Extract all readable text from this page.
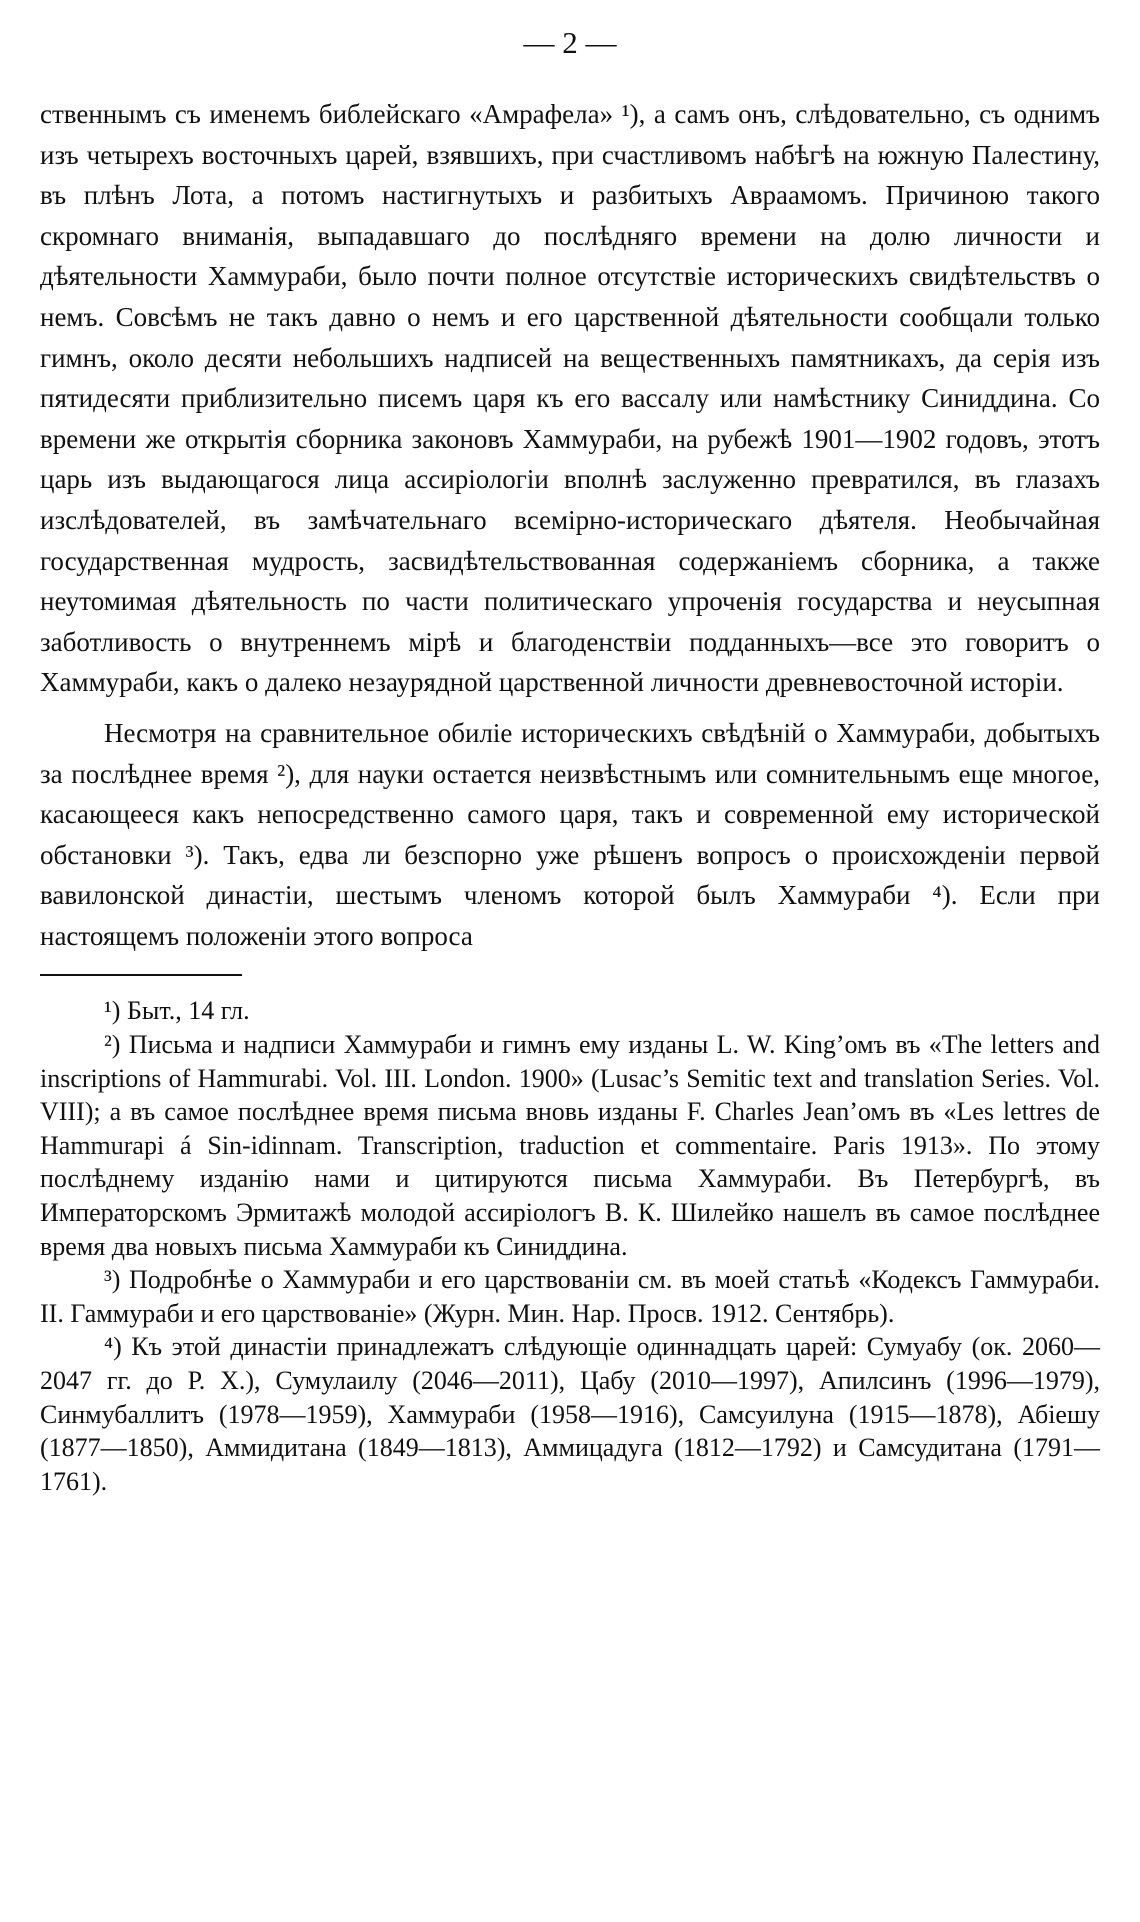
— 2 —

ственнымъ съ именемъ библейскаго «Амрафела» ¹), а самъ онъ, слѣдовательно, съ однимъ изъ четырехъ восточныхъ царей, взявшихъ, при счастливомъ набѣгѣ на южную Палестину, въ плѣнъ Лота, а потомъ настигнутыхъ и разбитыхъ Авраамомъ. Причиною такого скромнаго вниманія, выпадавшаго до послѣдняго времени на долю личности и дѣятельности Хаммураби, было почти полное отсутствіе историческихъ свидѣтельствъ о немъ. Совсѣмъ не такъ давно о немъ и его царственной дѣятельности сообщали только гимнъ, около десяти небольшихъ надписей на вещественныхъ памятникахъ, да серія изъ пятидесяти приблизительно писемъ царя къ его вассалу или намѣстнику Синиддина. Со времени же открытія сборника законовъ Хаммураби, на рубежѣ 1901—1902 годовъ, этотъ царь изъ выдающагося лица ассиріологіи вполнѣ заслуженно превратился, въ глазахъ изслѣдователей, въ замѣчательнаго всемірно-историческаго дѣятеля. Необычайная государственная мудрость, засвидѣтельствованная содержаніемъ сборника, а также неутомимая дѣятельность по части политическаго упроченія государства и неусыпная заботливость о внутреннемъ мірѣ и благоденствіи подданныхъ—все это говоритъ о Хаммураби, какъ о далеко незаурядной царственной личности древневосточной исторіи.

Несмотря на сравнительное обиліе историческихъ свѣдѣній о Хаммураби, добытыхъ за послѣднее время ²), для науки остается неизвѣстнымъ или сомнительнымъ еще многое, касающееся какъ непосредственно самого царя, такъ и современной ему исторической обстановки ³). Такъ, едва ли безспорно уже рѣшенъ вопросъ о происхожденіи первой вавилонской династіи, шестымъ членомъ которой былъ Хаммураби ⁴). Если при настоящемъ положеніи этого вопроса

¹) Быт., 14 гл.

²) Письма и надписи Хаммураби и гимнъ ему изданы L. W. King’омъ въ «The letters and inscriptions of Hammurabi. Vol. III. London. 1900» (Lusac’s Semitic text and translation Series. Vol. VIII); а въ самое послѣднее время письма вновь изданы F. Charles Jean’омъ въ «Les lettres de Hammurapi á Sin-idinnam. Transcription, traduction et commentaire. Paris 1913». По этому послѣднему изданію нами и цитируются письма Хаммураби. Въ Петербургѣ, въ Императорскомъ Эрмитажѣ молодой ассиріологъ В. К. Шилейко нашелъ въ самое послѣднее время два новыхъ письма Хаммураби къ Синиддина.

³) Подробнѣе о Хаммураби и его царствованіи см. въ моей статьѣ «Кодексъ Гаммураби. II. Гаммураби и его царствованіе» (Журн. Мин. Нар. Просв. 1912. Сентябрь).

⁴) Къ этой династіи принадлежатъ слѣдующіе одиннадцать царей: Сумуабу (ок. 2060—2047 гг. до Р. Х.), Сумулаилу (2046—2011), Цабу (2010—1997), Апилсинъ (1996—1979), Синмубаллитъ (1978—1959), Хаммураби (1958—1916), Самсуилуна (1915—1878), Абіешу (1877—1850), Аммидитана (1849—1813), Аммицадуга (1812—1792) и Самсудитана (1791—1761).
